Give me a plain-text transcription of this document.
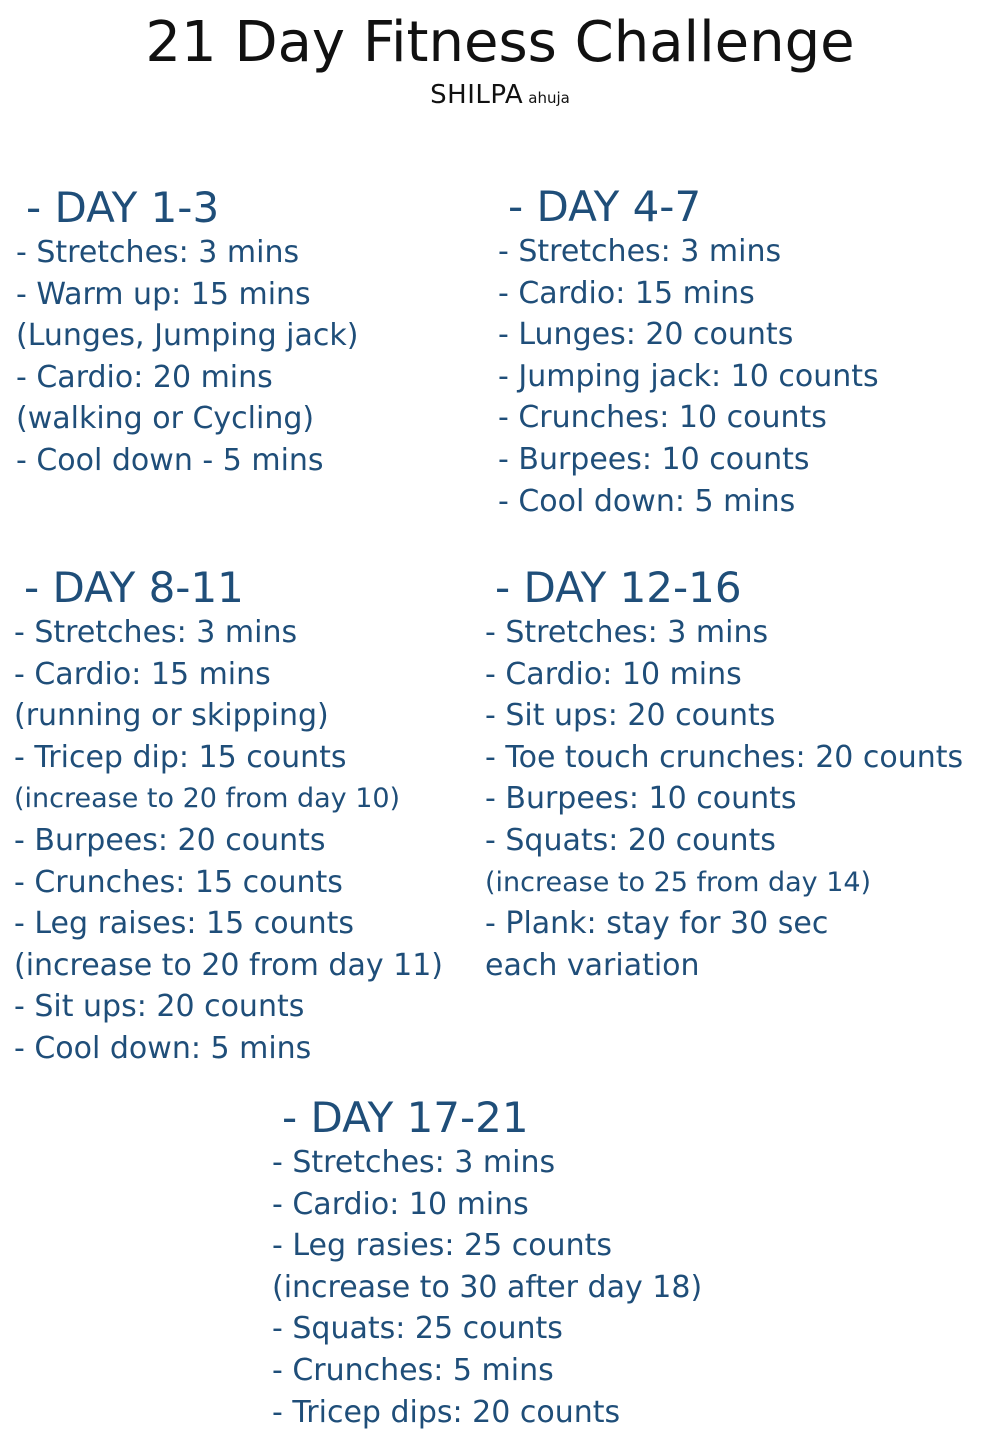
21 Day Fitness Challenge
SHILPA ahuja
- DAY 1-3
- Stretches: 3 mins
- Warm up: 15 mins
(Lunges, Jumping jack)
- Cardio: 20 mins
(walking or Cycling)
- Cool down - 5 mins
- DAY 4-7
- Stretches: 3 mins
- Cardio: 15 mins
- Lunges: 20 counts
- Jumping jack: 10 counts
- Crunches: 10 counts
- Burpees: 10 counts
- Cool down: 5 mins
- DAY 8-11
- Stretches: 3 mins
- Cardio: 15 mins
(running or skipping)
- Tricep dip: 15 counts
(increase to 20 from day 10)
- Burpees: 20 counts
- Crunches: 15 counts
- Leg raises: 15 counts
(increase to 20 from day 11)
- Sit ups: 20 counts
- Cool down: 5 mins
- DAY 12-16
- Stretches: 3 mins
- Cardio: 10 mins
- Sit ups: 20 counts
- Toe touch crunches: 20 counts
- Burpees: 10 counts
- Squats: 20 counts
(increase to 25 from day 14)
- Plank: stay for 30 sec
each variation
- DAY 17-21
- Stretches: 3 mins
- Cardio: 10 mins
- Leg rasies: 25 counts
(increase to 30 after day 18)
- Squats: 25 counts
- Crunches: 5 mins
- Tricep dips: 20 counts
